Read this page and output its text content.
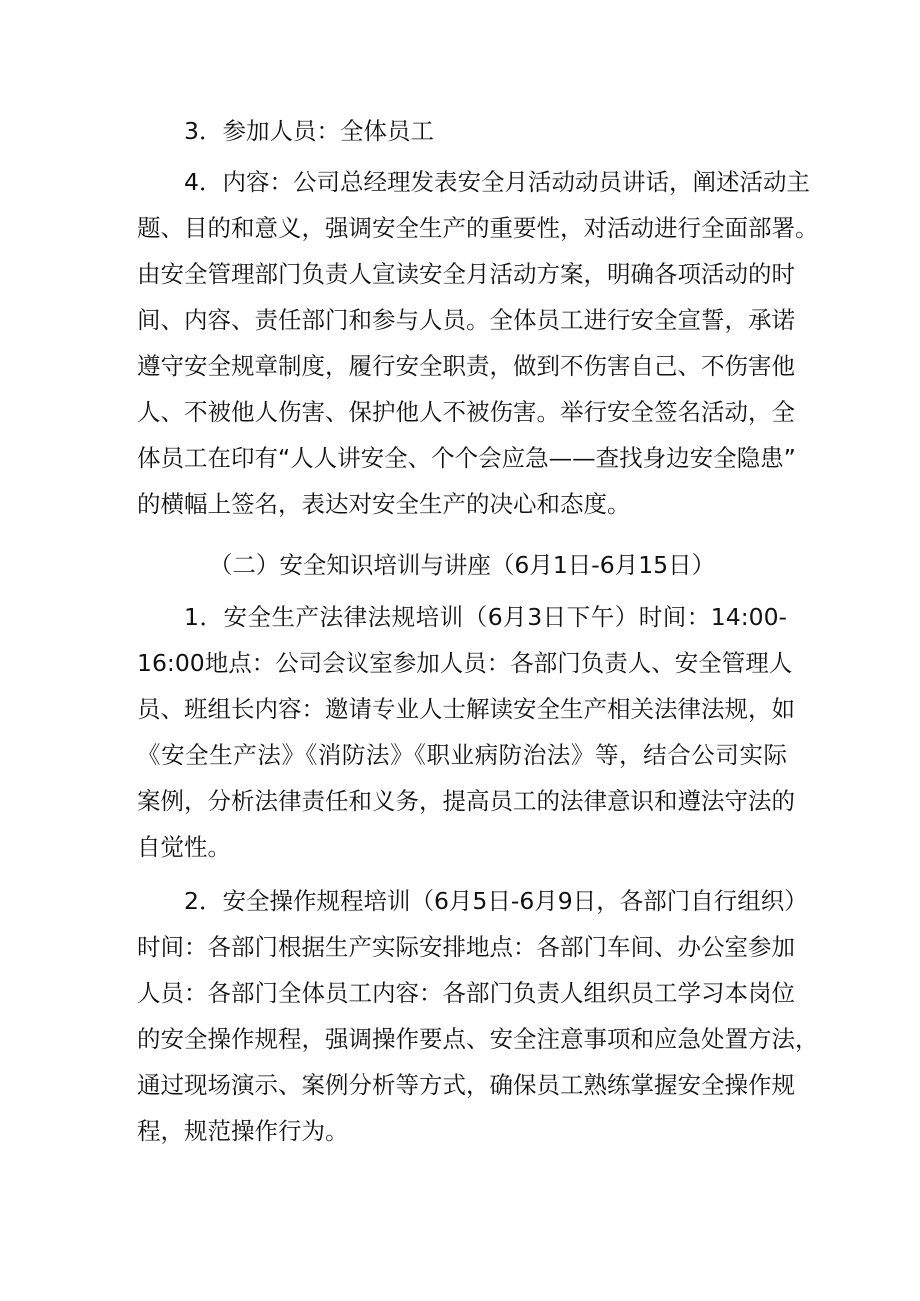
3．参加人员：全体员工
4．内容：公司总经理发表安全月活动动员讲话，阐述活动主
题、目的和意义，强调安全生产的重要性，对活动进行全面部署。
由安全管理部门负责人宣读安全月活动方案，明确各项活动的时
间、内容、责任部门和参与人员。全体员工进行安全宣誓，承诺
遵守安全规章制度，履行安全职责，做到不伤害自己、不伤害他
人、不被他人伤害、保护他人不被伤害。举行安全签名活动，全
体员工在印有“人人讲安全、个个会应急——查找身边安全隐患”
的横幅上签名，表达对安全生产的决心和态度。
（二）安全知识培训与讲座（6月1日-6月15日）
1．安全生产法律法规培训（6月3日下午）时间：14:00-
16:00地点：公司会议室参加人员：各部门负责人、安全管理人
员、班组长内容：邀请专业人士解读安全生产相关法律法规，如
《安全生产法》《消防法》《职业病防治法》等，结合公司实际
案例，分析法律责任和义务，提高员工的法律意识和遵法守法的
自觉性。
2．安全操作规程培训（6月5日-6月9日，各部门自行组织）
时间：各部门根据生产实际安排地点：各部门车间、办公室参加
人员：各部门全体员工内容：各部门负责人组织员工学习本岗位
的安全操作规程，强调操作要点、安全注意事项和应急处置方法，
通过现场演示、案例分析等方式，确保员工熟练掌握安全操作规
程，规范操作行为。
